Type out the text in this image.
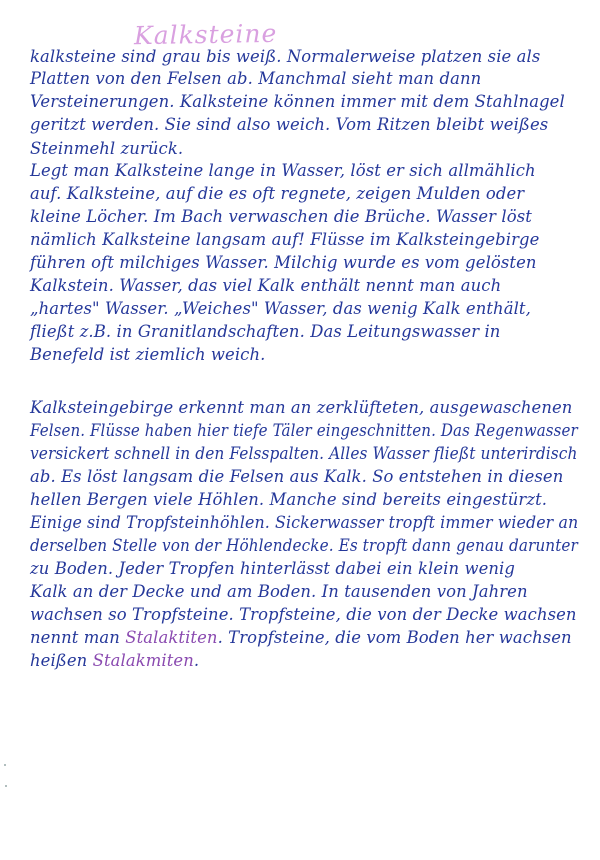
Kalksteine
kalksteine sind grau bis weiß. Normalerweise platzen sie als
Platten von den Felsen ab. Manchmal sieht man dann
Versteinerungen. Kalksteine können immer mit dem Stahlnagel
geritzt werden. Sie sind also weich. Vom Ritzen bleibt weißes
Steinmehl zurück.
Legt man Kalksteine lange in Wasser, löst er sich allmählich
auf. Kalksteine, auf die es oft regnete, zeigen Mulden oder
kleine Löcher. Im Bach verwaschen die Brüche. Wasser löst
nämlich Kalksteine langsam auf! Flüsse im Kalksteingebirge
führen oft milchiges Wasser. Milchig wurde es vom gelösten
Kalkstein. Wasser, das viel Kalk enthält nennt man auch
„hartes" Wasser. „Weiches" Wasser, das wenig Kalk enthält,
fließt z.B. in Granitlandschaften. Das Leitungswasser in
Benefeld ist ziemlich weich.
Kalksteingebirge erkennt man an zerklüfteten, ausgewaschenen
Felsen. Flüsse haben hier tiefe Täler eingeschnitten. Das Regenwasser
versickert schnell in den Felsspalten. Alles Wasser fließt unterirdisch
ab. Es löst langsam die Felsen aus Kalk. So entstehen in diesen
hellen Bergen viele Höhlen. Manche sind bereits eingestürzt.
Einige sind Tropfsteinhöhlen. Sickerwasser tropft immer wieder an
derselben Stelle von der Höhlendecke. Es tropft dann genau darunter
zu Boden. Jeder Tropfen hinterlässt dabei ein klein wenig
Kalk an der Decke und am Boden. In tausenden von Jahren
wachsen so Tropfsteine. Tropfsteine, die von der Decke wachsen
nennt man Stalaktiten. Tropfsteine, die vom Boden her wachsen
heißen Stalakmiten.
